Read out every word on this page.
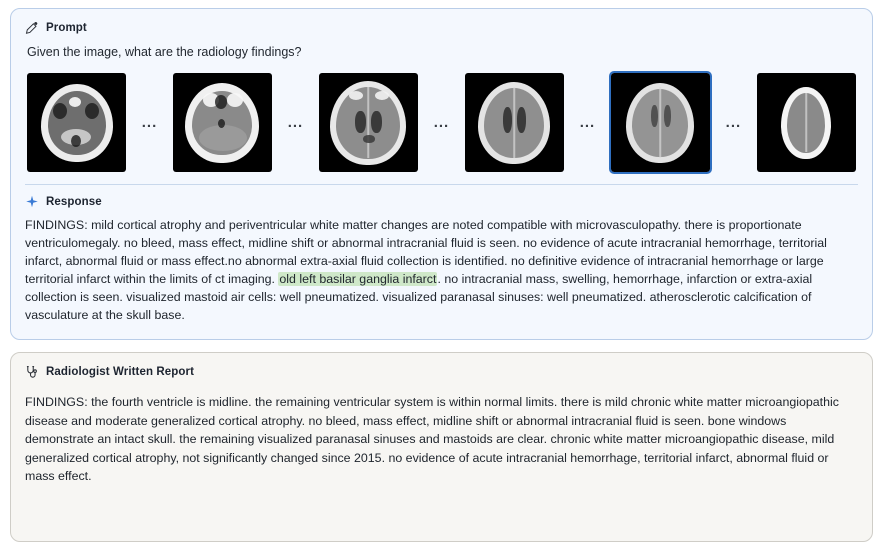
Prompt
Given the image, what are the radiology findings?
...	...	...	...	...
Response
FINDINGS: mild cortical atrophy and periventricular white matter changes are noted compatible with microvasculopathy. there is proportionate ventriculomegaly. no bleed, mass effect, midline shift or abnormal intracranial fluid is seen. no evidence of acute intracranial hemorrhage, territorial infarct, abnormal fluid or mass effect.no abnormal extra-axial fluid collection is identified. no definitive evidence of intracranial hemorrhage or large territorial infarct within the limits of ct imaging. old left basilar ganglia infarct. no intracranial mass, swelling, hemorrhage, infarction or extra-axial collection is seen. visualized mastoid air cells: well pneumatized. visualized paranasal sinuses: well pneumatized. atherosclerotic calcification of vasculature at the skull base.
Radiologist Written Report
FINDINGS: the fourth ventricle is midline. the remaining ventricular system is within normal limits. there is mild chronic white matter microangiopathic disease and moderate generalized cortical atrophy. no bleed, mass effect, midline shift or abnormal intracranial fluid is seen. bone windows demonstrate an intact skull. the remaining visualized paranasal sinuses and mastoids are clear. chronic white matter microangiopathic disease, mild generalized cortical atrophy, not significantly changed since 2015. no evidence of acute intracranial hemorrhage, territorial infarct, abnormal fluid or mass effect.
